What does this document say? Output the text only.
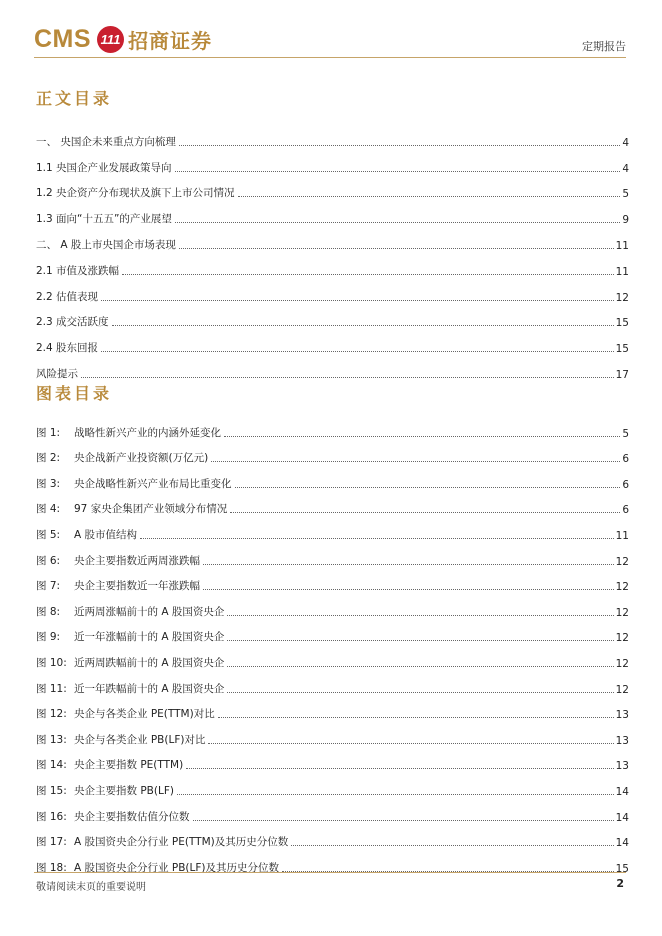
CMS 111 招商证券	定期报告
正文目录
一、 央国企未来重点方向梳理	4
1.1 央国企产业发展政策导向	4
1.2 央企资产分布现状及旗下上市公司情况	5
1.3 面向“十五五”的产业展望	9
二、 A 股上市央国企市场表现	11
2.1 市值及涨跌幅	11
2.2 估值表现	12
2.3 成交活跃度	15
2.4 股东回报	15
风险提示	17
图表目录
图 1: 战略性新兴产业的内涵外延变化	5
图 2: 央企战新产业投资额(万亿元)	6
图 3: 央企战略性新兴产业布局比重变化	6
图 4: 97 家央企集团产业领域分布情况	6
图 5: A 股市值结构	11
图 6: 央企主要指数近两周涨跌幅	12
图 7: 央企主要指数近一年涨跌幅	12
图 8: 近两周涨幅前十的 A 股国资央企	12
图 9: 近一年涨幅前十的 A 股国资央企	12
图 10: 近两周跌幅前十的 A 股国资央企	12
图 11: 近一年跌幅前十的 A 股国资央企	12
图 12: 央企与各类企业 PE(TTM)对比	13
图 13: 央企与各类企业 PB(LF)对比	13
图 14: 央企主要指数 PE(TTM)	13
图 15: 央企主要指数 PB(LF)	14
图 16: 央企主要指数估值分位数	14
图 17: A 股国资央企分行业 PE(TTM)及其历史分位数	14
图 18: A 股国资央企分行业 PB(LF)及其历史分位数	15
敬请阅读末页的重要说明	2
